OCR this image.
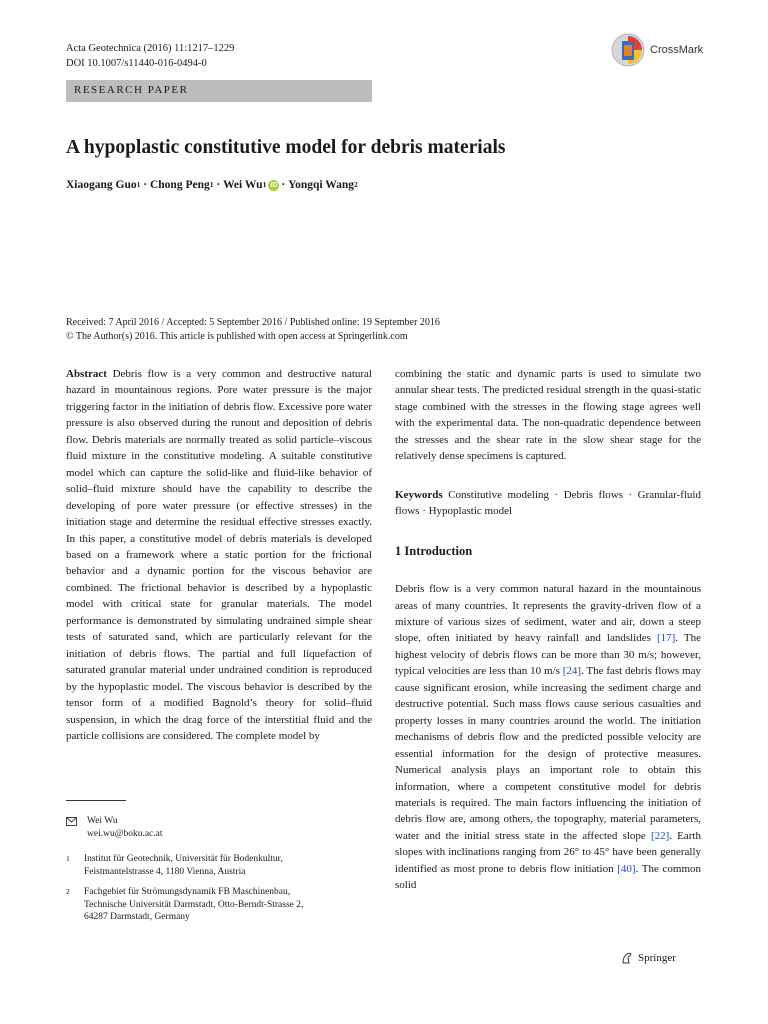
Acta Geotechnica (2016) 11:1217–1229
DOI 10.1007/s11440-016-0494-0
CrossMark
RESEARCH PAPER
A hypoplastic constitutive model for debris materials
Xiaogang Guo 1 · Chong Peng 1 · Wei Wu 1 iD · Yongqi Wang 2
Received: 7 April 2016 / Accepted: 5 September 2016 / Published online: 19 September 2016
© The Author(s) 2016. This article is published with open access at Springerlink.com

Abstract Debris flow is a very common and destructive natural hazard in mountainous regions. Pore water pressure is the major triggering factor in the initiation of debris flow. Excessive pore water pressure is also observed during the runout and deposition of debris flow. Debris materials are normally treated as solid particle–viscous fluid mixture in the constitutive modeling. A suitable constitutive model which can capture the solid-like and fluid-like behavior of solid–fluid mixture should have the capability to describe the developing of pore water pressure (or effective stresses) in the initiation stage and determine the residual effective stresses exactly. In this paper, a constitutive model of debris materials is developed based on a framework where a static portion for the frictional behavior and a dynamic portion for the viscous behavior are combined. The frictional behavior is described by a hypoplastic model with critical state for granular materials. The model performance is demonstrated by simulating undrained simple shear tests of saturated sand, which are particularly relevant for the initiation of debris flows. The partial and full liquefaction of saturated granular material under undrained condition is reproduced by the hypoplastic model. The viscous behavior is described by the tensor form of a modified Bagnold’s theory for solid–fluid suspension, in which the drag force of the interstitial fluid and the particle collisions are considered. The complete model by

Wei Wu
wei.wu@boku.ac.at
1	Institut für Geotechnik, Universität für Bodenkultur,
Feistmantelstrasse 4, 1180 Vienna, Austria
2	Fachgebiet für Strömungsdynamik FB Maschinenbau,
Technische Universität Darmstadt, Otto-Berndt-Strasse 2,
64287 Darmstadt, Germany

combining the static and dynamic parts is used to simulate two annular shear tests. The predicted residual strength in the quasi-static stage combined with the stresses in the flowing stage agrees well with the experimental data. The non-quadratic dependence between the stresses and the shear rate in the slow shear stage for the relatively dense specimens is captured.

Keywords Constitutive modeling · Debris flows · Granular-fluid flows · Hypoplastic model

1 Introduction

Debris flow is a very common natural hazard in the mountainous areas of many countries. It represents the gravity-driven flow of a mixture of various sizes of sediment, water and air, down a steep slope, often initiated by heavy rainfall and landslides [17]. The highest velocity of debris flows can be more than 30 m/s; however, typical velocities are less than 10 m/s [24]. The fast debris flows may cause significant erosion, while increasing the sediment charge and destructive potential. Such mass flows cause serious casualties and property losses in many countries around the world. The initiation mechanisms of debris flow and the predicted possible velocity are essential information for the design of protective measures. Numerical analysis plays an important role to obtain this information, where a competent constitutive model for debris materials is required. The main factors influencing the initiation of debris flow are, among others, the topography, material parameters, water and the initial stress state in the affected slope [22]. Earth slopes with inclinations ranging from 26° to 45° have been generally identified as most prone to debris flow initiation [40]. The common solid

Springer
